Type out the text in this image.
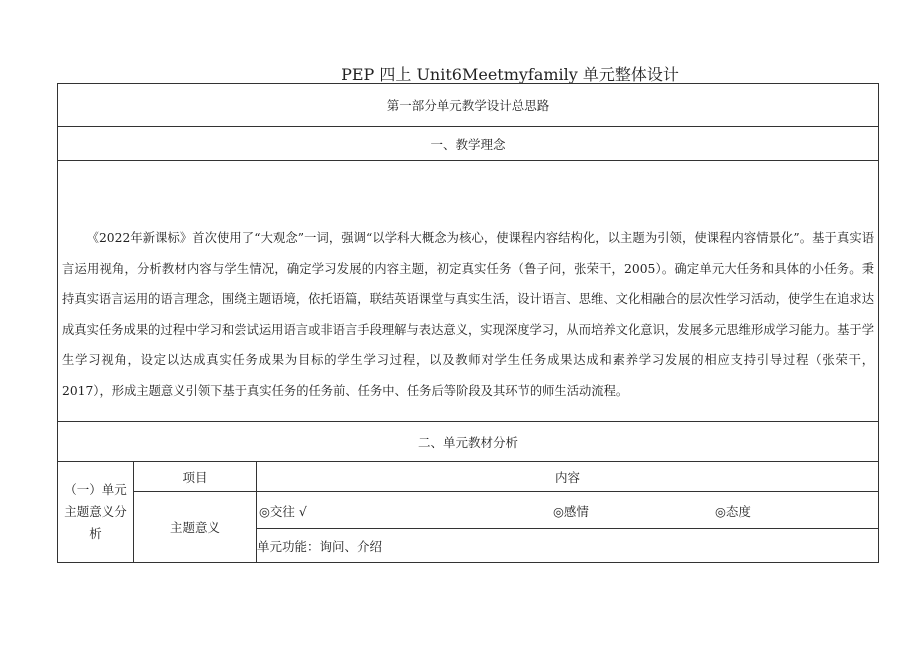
PEP 四上 Unit6Meetmyfamily 单元整体设计
第一部分单元教学设计总思路		
一、教学理念		

《2022年新课标》首次使用了“大观念”一词，强调“以学科大概念为核心，使课程内容结构化，以主题为引领，使课程内容情景化”。基于真实语言运用视角，分析教材内容与学生情况，确定学习发展的内容主题，初定真实任务（鲁子问，张荣干，2005）。确定单元大任务和具体的小任务。秉持真实语言运用的语言理念，围绕主题语境，依托语篇，联结英语课堂与真实生活，设计语言、思维、文化相融合的层次性学习活动，使学生在追求达成真实任务成果的过程中学习和尝试运用语言或非语言手段理解与表达意义，实现深度学习，从而培养文化意识，发展多元思维形成学习能力。基于学生学习视角，设定以达成真实任务成果为目标的学生学习过程，以及教师对学生任务成果达成和素养学习发展的相应支持引导过程（张荣干，2017），形成主题意义引领下基于真实任务的任务前、任务中、任务后等阶段及其环节的师生活动流程。		

二、单元教材分析		

（一）单元主题意义分析	项目	内容
	主题意义	◎交往 √ ◎感情 ◎态度

		单元功能：询问、介绍
